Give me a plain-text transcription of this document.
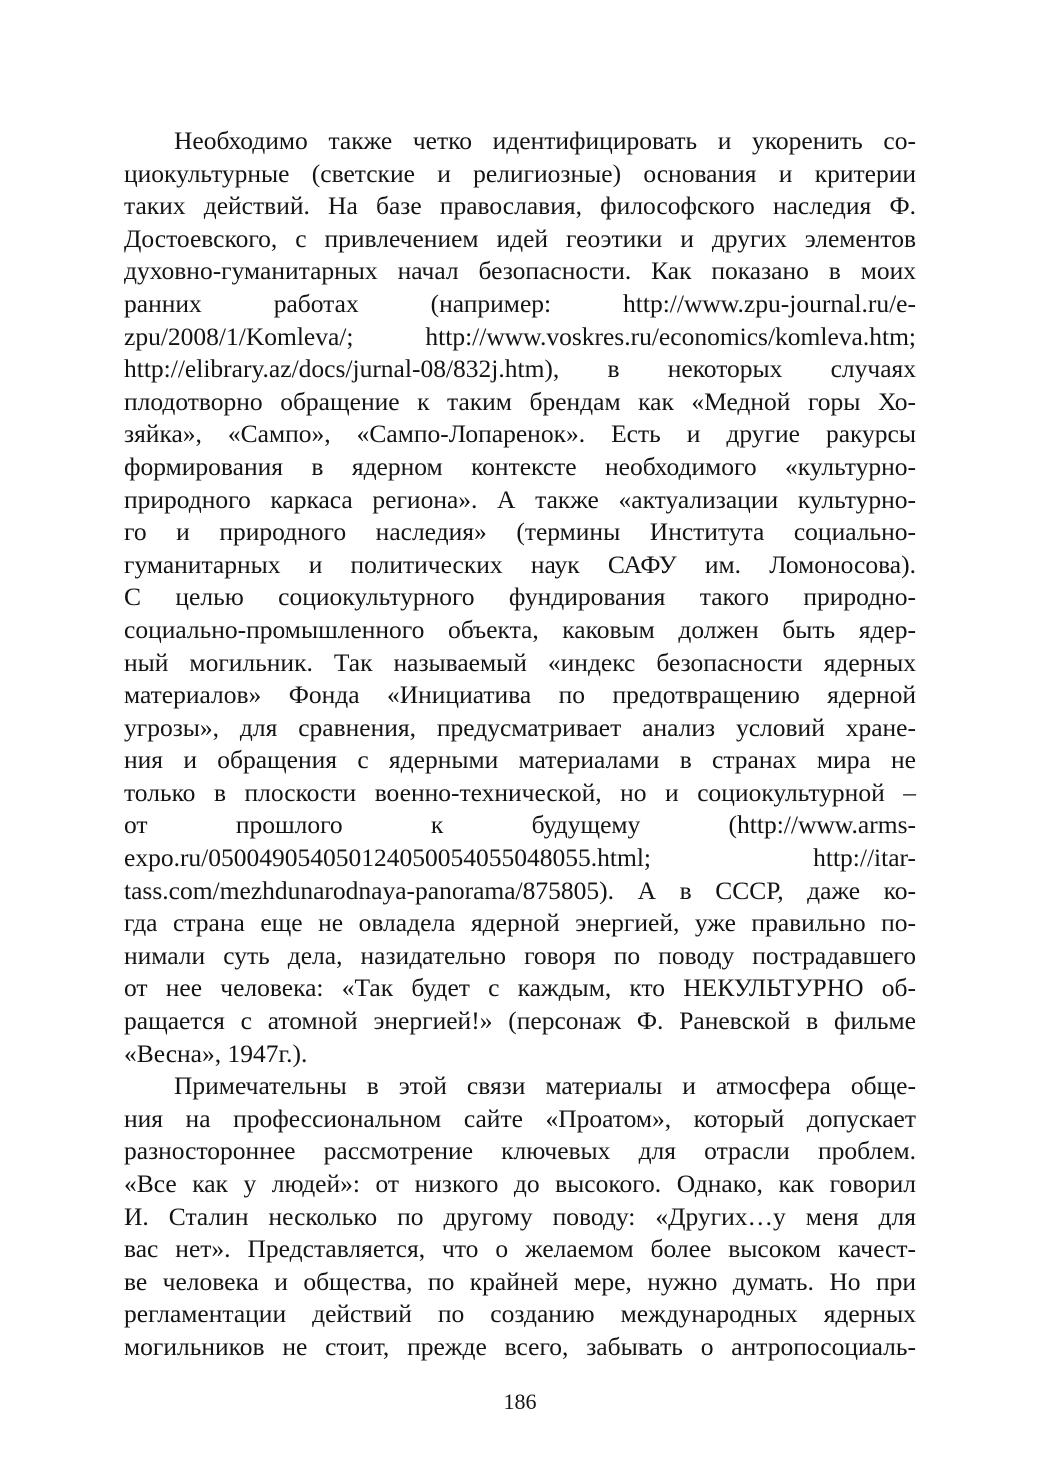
Необходимо также четко идентифицировать и укоренить со-
циокультурные (светские и религиозные) основания и критерии
таких действий. На базе православия, философского наследия Ф.
Достоевского, с привлечением идей геоэтики и других элементов
духовно-гуманитарных начал безопасности. Как показано в моих
ранних работах (например: http://www.zpu-journal.ru/e-
zpu/2008/1/Komleva/; http://www.voskres.ru/economics/komleva.htm;
http://elibrary.az/docs/jurnal-08/832j.htm), в некоторых случаях
плодотворно обращение к таким брендам как «Медной горы Хо-
зяйка», «Сампо», «Сампо-Лопаренок». Есть и другие ракурсы
формирования в ядерном контексте необходимого «культурно-
природного каркаса региона». А также «актуализации культурно-
го и природного наследия» (термины Института социально-
гуманитарных и политических наук САФУ им. Ломоносова).
С целью социокультурного фундирования такого природно-
социально-промышленного объекта, каковым должен быть ядер-
ный могильник. Так называемый «индекс безопасности ядерных
материалов» Фонда «Инициатива по предотвращению ядерной
угрозы», для сравнения, предусматривает анализ условий хране-
ния и обращения с ядерными материалами в странах мира не
только в плоскости военно-технической, но и социокультурной –
от прошлого к будущему (http://www.arms-
expo.ru/050049054050124050054055048055.html; http://itar-
tass.com/mezhdunarodnaya-panorama/875805). А в СССР, даже ко-
гда страна еще не овладела ядерной энергией, уже правильно по-
нимали суть дела, назидательно говоря по поводу пострадавшего
от нее человека: «Так будет с каждым, кто НЕКУЛЬТУРНО об-
ращается с атомной энергией!» (персонаж Ф. Раневской в фильме
«Весна», 1947г.).
Примечательны в этой связи материалы и атмосфера обще-
ния на профессиональном сайте «Проатом», который допускает
разностороннее рассмотрение ключевых для отрасли проблем.
«Все как у людей»: от низкого до высокого. Однако, как говорил
И. Сталин несколько по другому поводу: «Других…у меня для
вас нет». Представляется, что о желаемом более высоком качест-
ве человека и общества, по крайней мере, нужно думать. Но при
регламентации действий по созданию международных ядерных
могильников не стоит, прежде всего, забывать о антропосоциаль-
186
